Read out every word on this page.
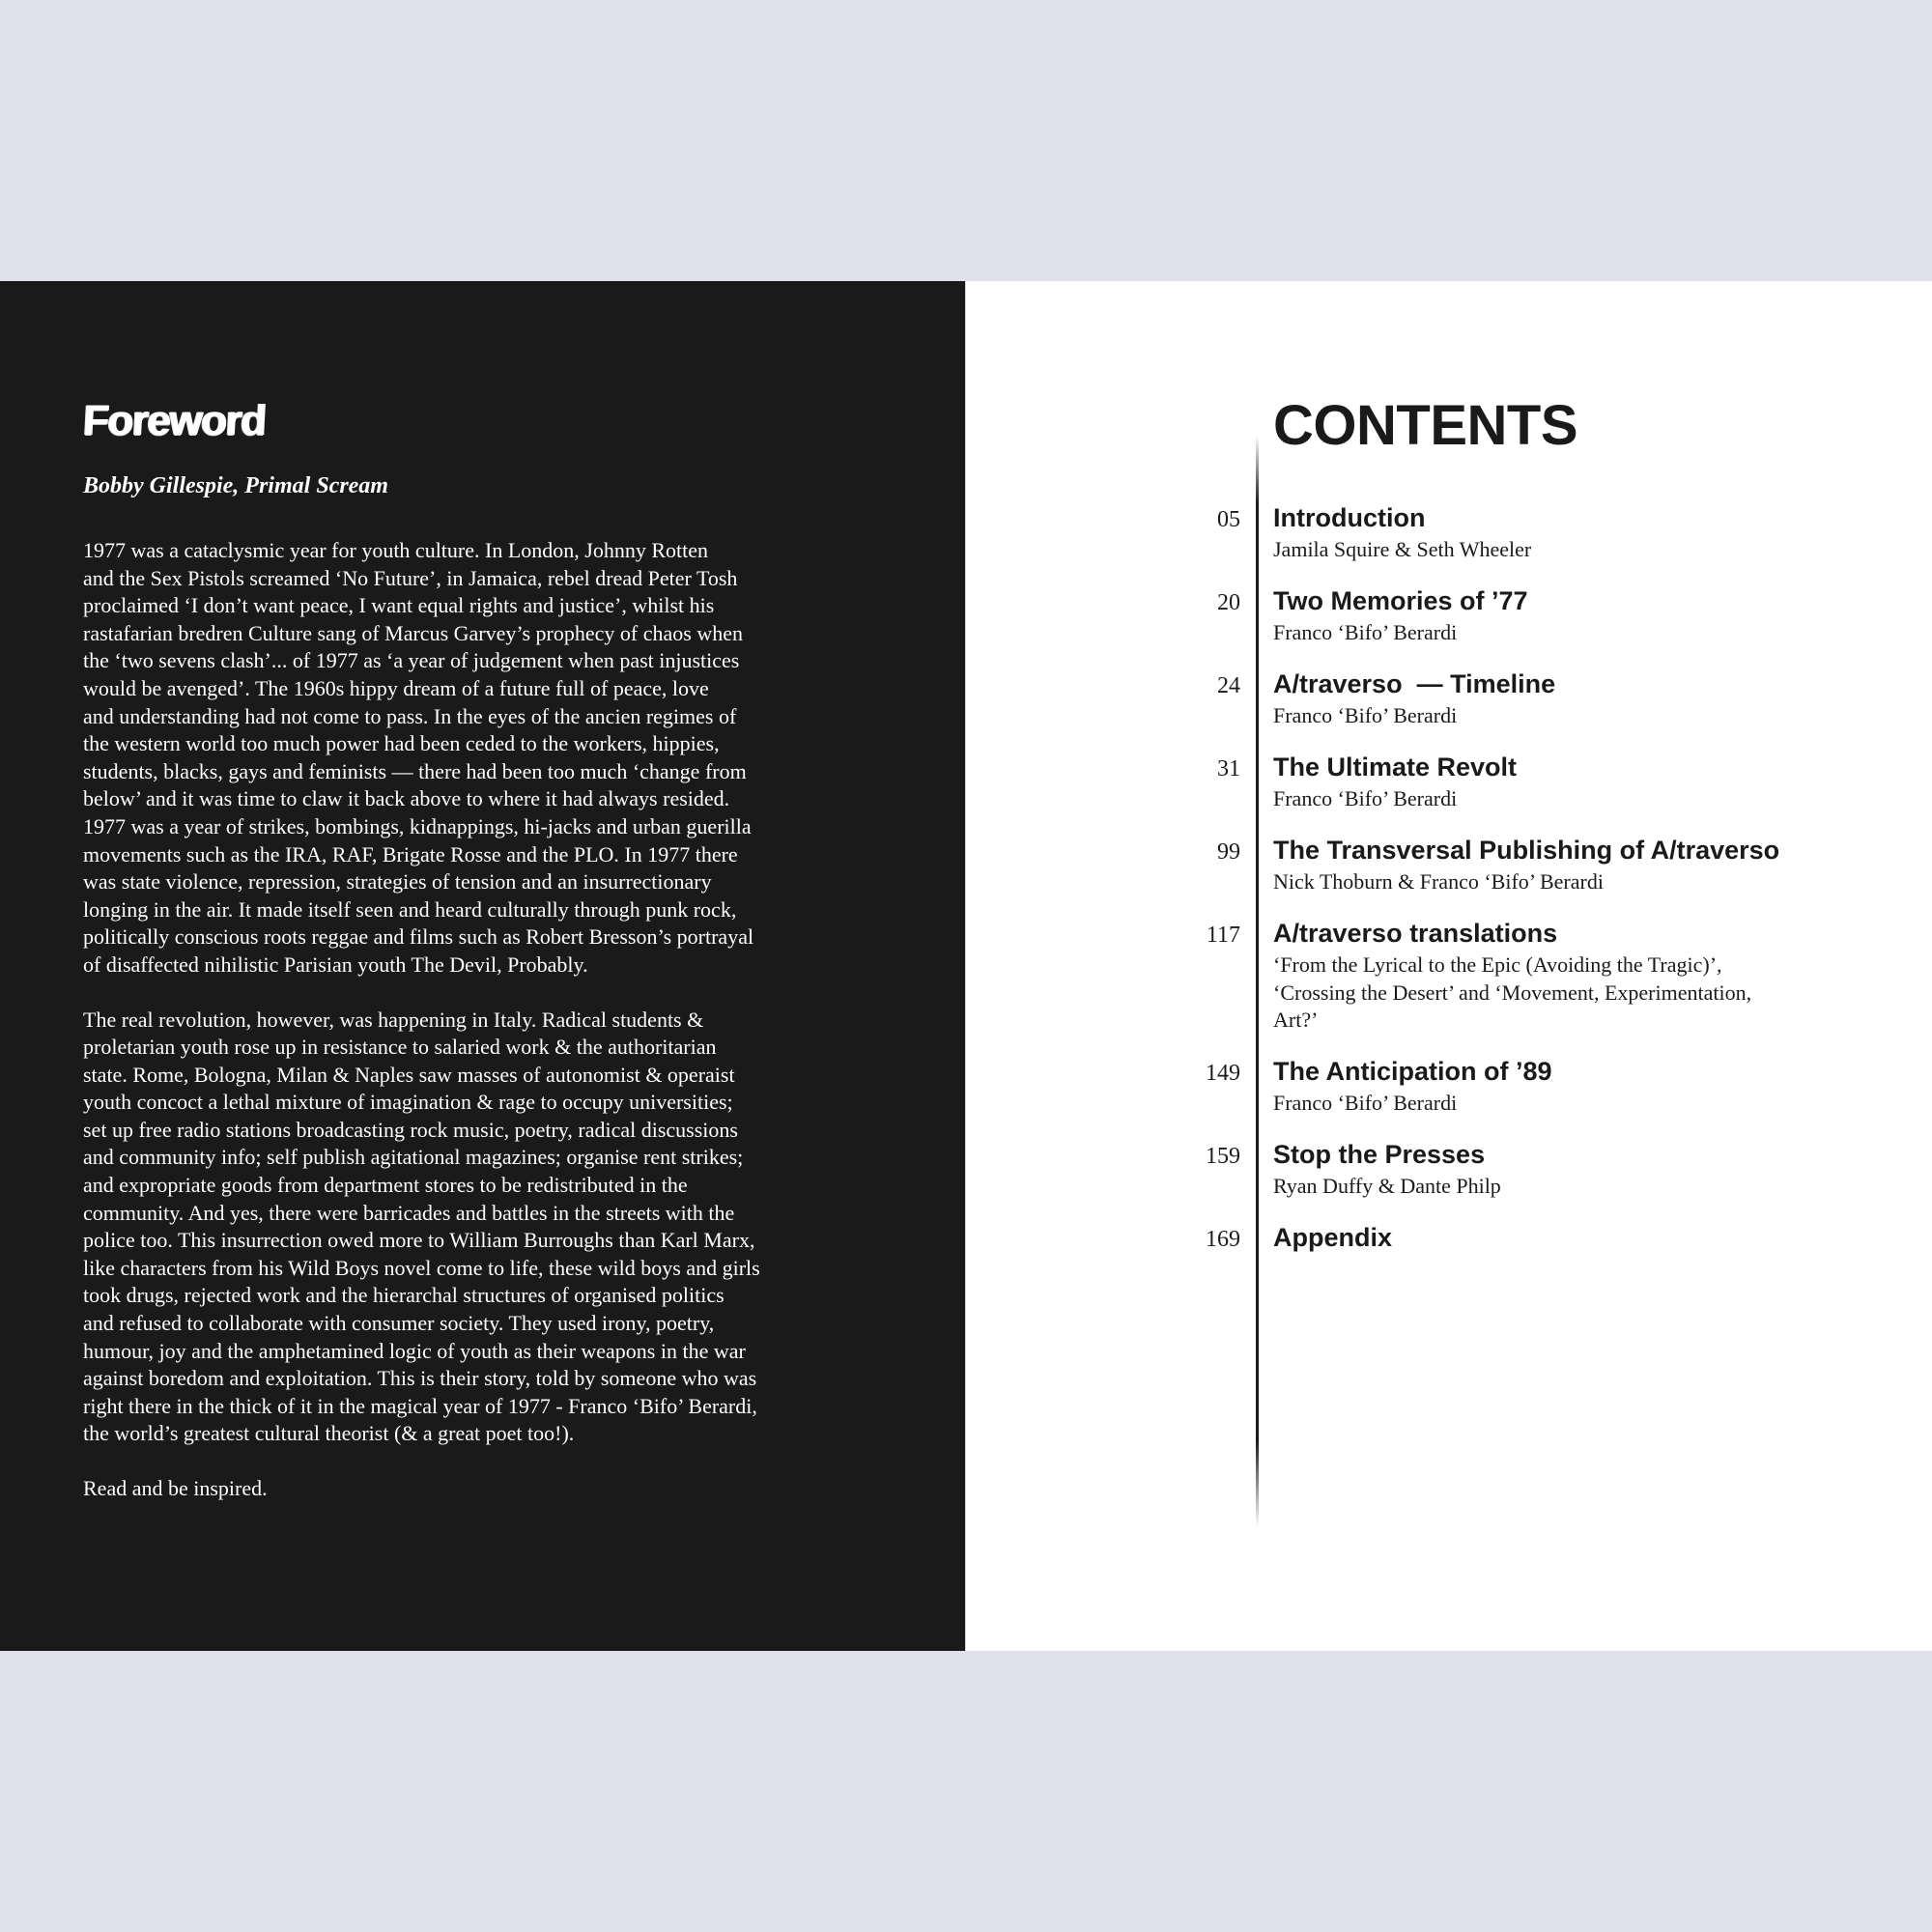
Foreword
Bobby Gillespie, Primal Scream

1977 was a cataclysmic year for youth culture. In London, Johnny Rotten
and the Sex Pistols screamed ‘No Future’, in Jamaica, rebel dread Peter Tosh
proclaimed ‘I don’t want peace, I want equal rights and justice’, whilst his
rastafarian bredren Culture sang of Marcus Garvey’s prophecy of chaos when
the ‘two sevens clash’... of 1977 as ‘a year of judgement when past injustices
would be avenged’. The 1960s hippy dream of a future full of peace, love
and understanding had not come to pass. In the eyes of the ancien regimes of
the western world too much power had been ceded to the workers, hippies,
students, blacks, gays and feminists — there had been too much ‘change from
below’ and it was time to claw it back above to where it had always resided.
1977 was a year of strikes, bombings, kidnappings, hi-jacks and urban guerilla
movements such as the IRA, RAF, Brigate Rosse and the PLO. In 1977 there
was state violence, repression, strategies of tension and an insurrectionary
longing in the air. It made itself seen and heard culturally through punk rock,
politically conscious roots reggae and films such as Robert Bresson’s portrayal
of disaffected nihilistic Parisian youth The Devil, Probably.

The real revolution, however, was happening in Italy. Radical students &
proletarian youth rose up in resistance to salaried work & the authoritarian
state. Rome, Bologna, Milan & Naples saw masses of autonomist & operaist
youth concoct a lethal mixture of imagination & rage to occupy universities;
set up free radio stations broadcasting rock music, poetry, radical discussions
and community info; self publish agitational magazines; organise rent strikes;
and expropriate goods from department stores to be redistributed in the
community. And yes, there were barricades and battles in the streets with the
police too. This insurrection owed more to William Burroughs than Karl Marx,
like characters from his Wild Boys novel come to life, these wild boys and girls
took drugs, rejected work and the hierarchal structures of organised politics
and refused to collaborate with consumer society. They used irony, poetry,
humour, joy and the amphetamined logic of youth as their weapons in the war
against boredom and exploitation. This is their story, told by someone who was
right there in the thick of it in the magical year of 1977 - Franco ‘Bifo’ Berardi,
the world’s greatest cultural theorist (& a great poet too!).

Read and be inspired.

CONTENTS
05 Introduction
Jamila Squire & Seth Wheeler
20 Two Memories of ’77
Franco ‘Bifo’ Berardi
24 A/traverso  — Timeline
Franco ‘Bifo’ Berardi
31 The Ultimate Revolt
Franco ‘Bifo’ Berardi
99 The Transversal Publishing of A/traverso
Nick Thoburn & Franco ‘Bifo’ Berardi
117 A/traverso translations
‘From the Lyrical to the Epic (Avoiding the Tragic)’,
‘Crossing the Desert’ and ‘Movement, Experimentation,
Art?’
149 The Anticipation of ’89
Franco ‘Bifo’ Berardi
159 Stop the Presses
Ryan Duffy & Dante Philp
169 Appendix
